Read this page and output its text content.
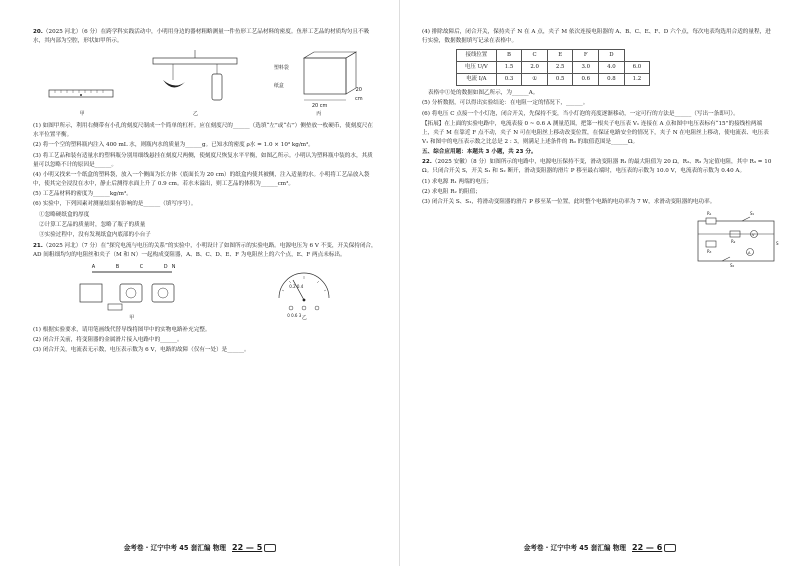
20.（2025 河北）（6 分）在跨学科实践活动中，小明用身边的器材粗略测量一件鱼形工艺品材料的密度。鱼形工艺品的材质均匀且不吸水，其内部为空腔，形状如甲所示。

甲	乙
塑料袋
纸盒
20 cm
20 cm
丙

(1) 如图甲所示，利用右侧带有小孔的刻度尺制成一个简单的杠杆。应在刻度尺的______（选填“左”或“右”）侧垫放一枚硬币，使刻度尺在水平位置平衡。

(2) 将一个空的塑料瓶内注入 400 mL 水，则瓶内水的质量为______g。已知水的密度 ρ水 = 1.0 × 10³ kg/m³。

(3) 将工艺品和装有适量水的塑料瓶分别用细线悬挂在刻度尺两侧，使刻度尺恢复水平平衡，如图乙所示。小明认为塑料瓶中装的水，其质量可以忽略不计的原因是______。

(4) 小明又找来一个纸盒的塑料袋，放入一个侧面为长方体（底面长为 20 cm）的纸盒内使其被侧，注入适量的水。小明将工艺品放入袋中，使其完全浸没在水中，静止后测得水面上升了 0.9 cm。若水未溢出，则工艺品的体积为______cm³。

(5) 工艺品材料的密度为______kg/m³。

(6) 实验中，下列因素对测量结果有影响的是______（填写序号）。

①忽略硬纸盒的厚度

②计算工艺品的质量时，忽略了瓶子的质量

③实验过程中，没有发现纸盒内底部的小台子

21.（2025 河北）（7 分）在“探究电流与电压的关系”的实验中，小明设计了如图所示的实验电路。电源电压为 6 V 不变，开关保持闭合，AD 间粗细均匀的电阻丝和夹子（M 和 N）一起构成变阻器，A、B、C、D、E、F 为电阻丝上的六个点，E、F 两点未标出。

A	B	C	D N
甲
0.2 0.4
0 0.6 3 乙

(1) 根据实验要求，请用笔画线代替导线将图甲中的实物电路补充完整。

(2) 闭合开关前，将变阻器的金属滑片接入电路中的______。

(3) 闭合开关，电流表无示数，电压表示数为 6 V，电路的故障（仅有一处）是______。

金考卷 · 辽宁中考 45 套汇编 物理 22 — 5

(4) 排除故障后，闭合开关，保持夹子 N 在 A 点，夹子 M 依次连接电阻器的 A、B、C、E、F、D 六个点，每次电表均选用合适的量程，进行实验，数据数据填写记录在表格中。

接线位置	B	C	E	F	D	
电压 U/V	1.5	2.0	2.5	3.0	4.0	6.0
电流 I/A	0.3	①	0.5	0.6	0.8	1.2

表格中①处的数据如图乙所示，为______A。

(5) 分析数据，可以得出实验结论：在电阻一定的情况下，______。

(6) 将电压 C 点接一个小灯泡，闭合开关，先保持不变，当小灯泡的亮度逐渐移动，一定可行的方法是______（写出一条即可）。

【拓展】在上面的实验电路中，电流表接 0 ~ 0.6 A 测量范围，把第一根夹子电压表 V₁ 连接在 A 点和图中电压表标有“15”的接线柱两端上，夹子 M 在靠近 F 点不动，夹子 N 可在电阻丝上移动改变位置，在保证电路安全的情况下，夹子 N 在电阻丝上移动，使电流表、电压表 V₁ 和图中的电压表示数之比总是 2 : 3，则满足上述条件的 R₀ 的取值范围是______Ω。

五、综合应用题：本题共 3 小题，共 23 分。

22.（2025 安徽）（8 分）如图所示的电路中，电源电压保持不变，滑动变阻器 R₁ 的最大阻值为 20 Ω，R₂、R₃ 为定值电阻，其中 R₃ = 10 Ω。只闭合开关 S，开关 S₁ 和 S₂ 断开，滑动变阻器的滑片 P 移至最右端时，电压表的示数为 10.0 V，电流表的示数为 0.40 A。

(1) 求电源 R₁ 两端的电压；

(2) 求电阻 R₂ 的阻值；

(3) 闭合开关 S、S₁，将滑动变阻器的滑片 P 移至某一位置，此时整个电路的电功率为 7 W，求滑动变阻器的电功率。

R₁
R₂
R₃
S₁
S₂
V
A
S
金考卷 · 辽宁中考 45 套汇编 物理 22 — 6
